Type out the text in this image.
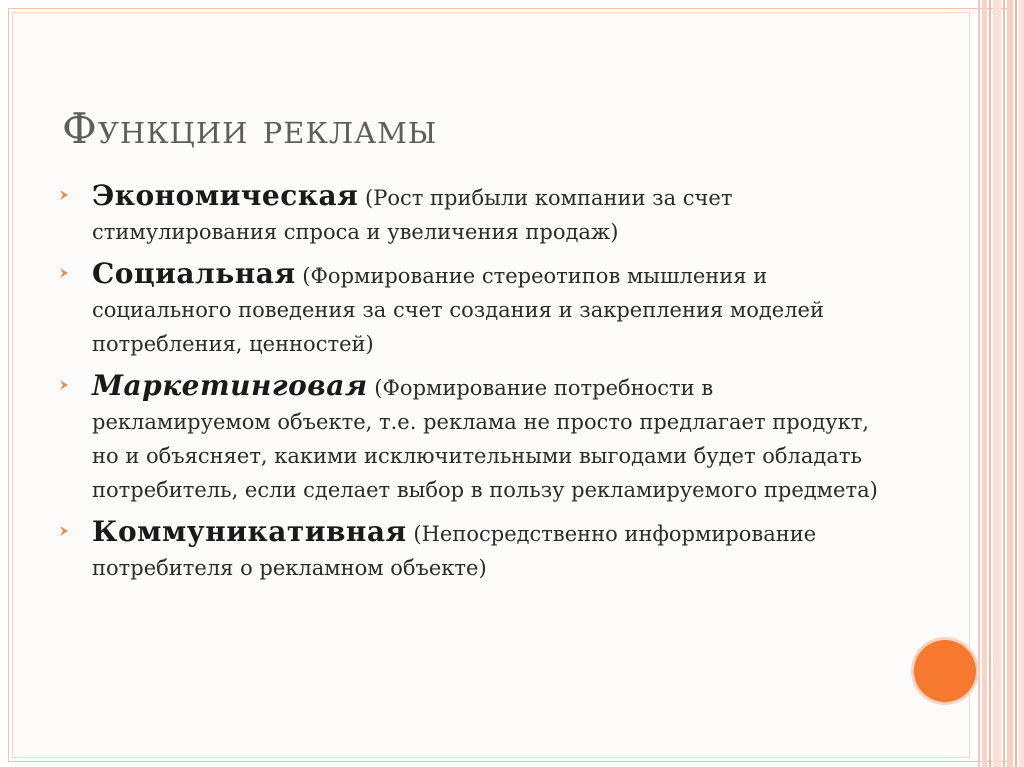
Функции рекламы
Экономическая (Рост прибыли компании за счет стимулирования спроса и увеличения продаж)
Социальная (Формирование стереотипов мышления и социального поведения за счет создания и закрепления моделей потребления, ценностей)
Маркетинговая (Формирование потребности в рекламируемом объекте, т.е. реклама не просто предлагает продукт, но и объясняет, какими исключительными выгодами будет обладать потребитель, если сделает выбор в пользу рекламируемого предмета)
Коммуникативная (Непосредственно информирование потребителя о рекламном объекте)
